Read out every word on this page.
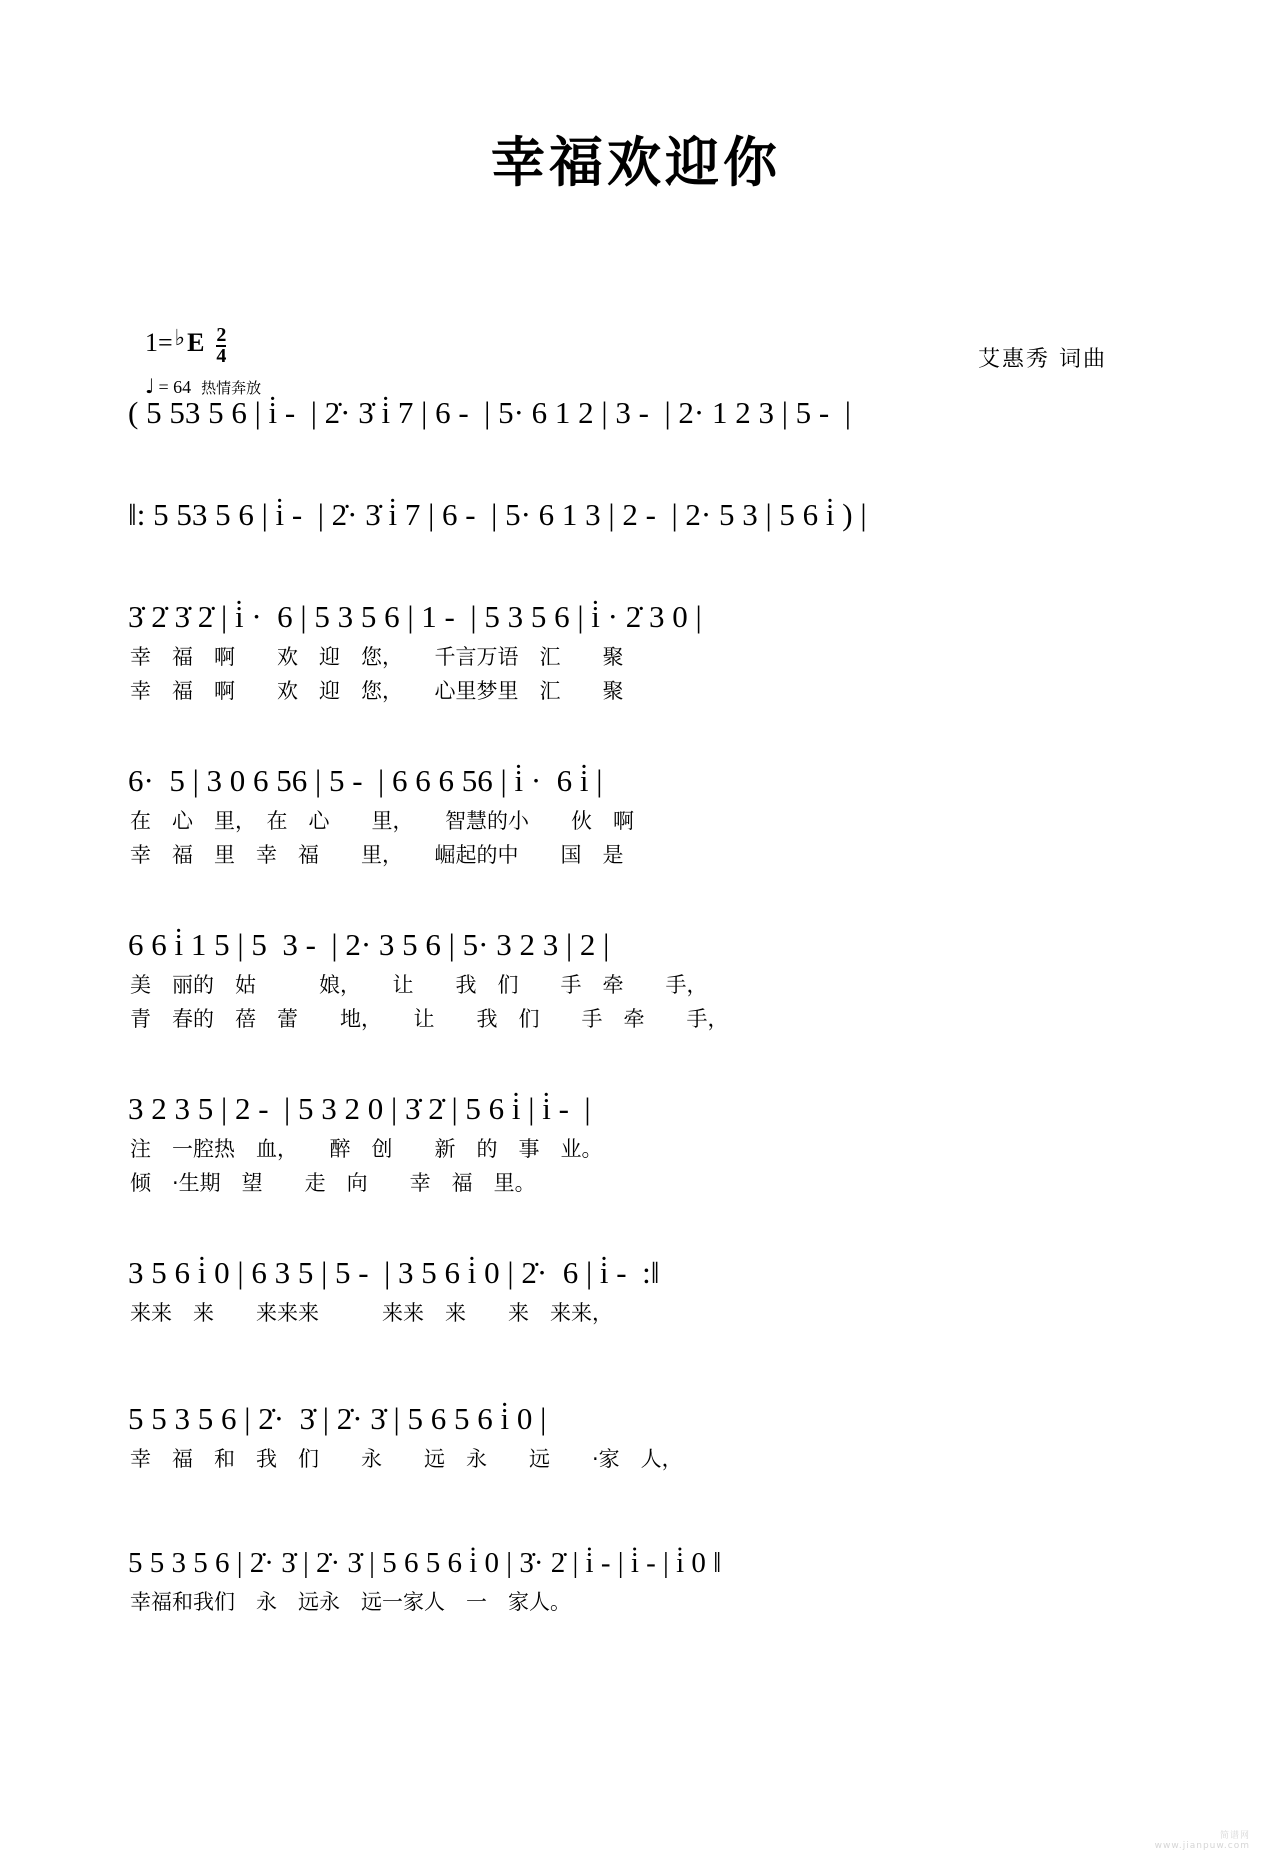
幸福欢迎你
艾惠秀 词曲
1= ♭ E $\frac{2}{4}$
♩ = 64 热情奔放
( 5 53 5 6 | i̇ -  | 2̇· 3̇ i̇ 7 | 6 -  | 5· 6 1 2 | 3 -  | 2· 1 2 3 | 5 -  |
‖: 5 53 5 6 | i̇ -  | 2̇· 3̇ i̇ 7 | 6 -  | 5· 6 1 3 | 2 -  | 2· 5 3 | 5 6 i̇ ) |
3̇ 2̇ 3̇ 2̇ | i̇ ·  6 | 5 3 5 6 | 1 -  | 5 3 5 6 | i̇ · 2̇ 3 0 |
幸　福　啊　　欢　迎　您，　　千言万语　汇　　聚
幸　福　啊　　欢　迎　您，　　心里梦里　汇　　聚
6·  5 | 3 0 6 56 | 5 -  | 6 6 6 56 | i̇ ·  6 i̇ |
在　心　里，　在　心　　里，　　智慧的小　　伙　啊
幸　福　里　幸　福　　里，　　崛起的中　　国　是
6 6 i̇ 1 5 | 5  3 -  | 2· 3 5 6 | 5· 3 2 3 | 2 |
美　丽的　姑　　　娘，　　让　　我　们　　手　牵　　手，
青　春的　蓓　蕾　　地，　　让　　我　们　　手　牵　　手，
3 2 3 5 | 2 -  | 5 3 2 0 | 3̇ 2̇ | 5 6 i̇ | i̇ -  |
注　一腔热　血，　　醉　创　　新　的　事　业。
倾　·生期　望　　走　向　　幸　福　里。
3 5 6 i̇ 0 | 6 3 5 | 5 -  | 3 5 6 i̇ 0 | 2̇·  6 | i̇ -  :‖
来来　来　　来来来　　　来来　来　　来　来来，
5 5 3 5 6 | 2̇·  3̇ | 2̇· 3̇ | 5 6 5 6 i̇ 0 |
幸　福　和　我　们　　永　　远　永　　远　　·家　人，
5 5 3 5 6 | 2̇· 3̇ | 2̇· 3̇ | 5 6 5 6 i̇ 0 | 3̇· 2̇ | i̇ - | i̇ - | i̇ 0 ‖
幸福和我们　永　远永　远一家人　一　家人。
简谱网 www.jianpuw.com
